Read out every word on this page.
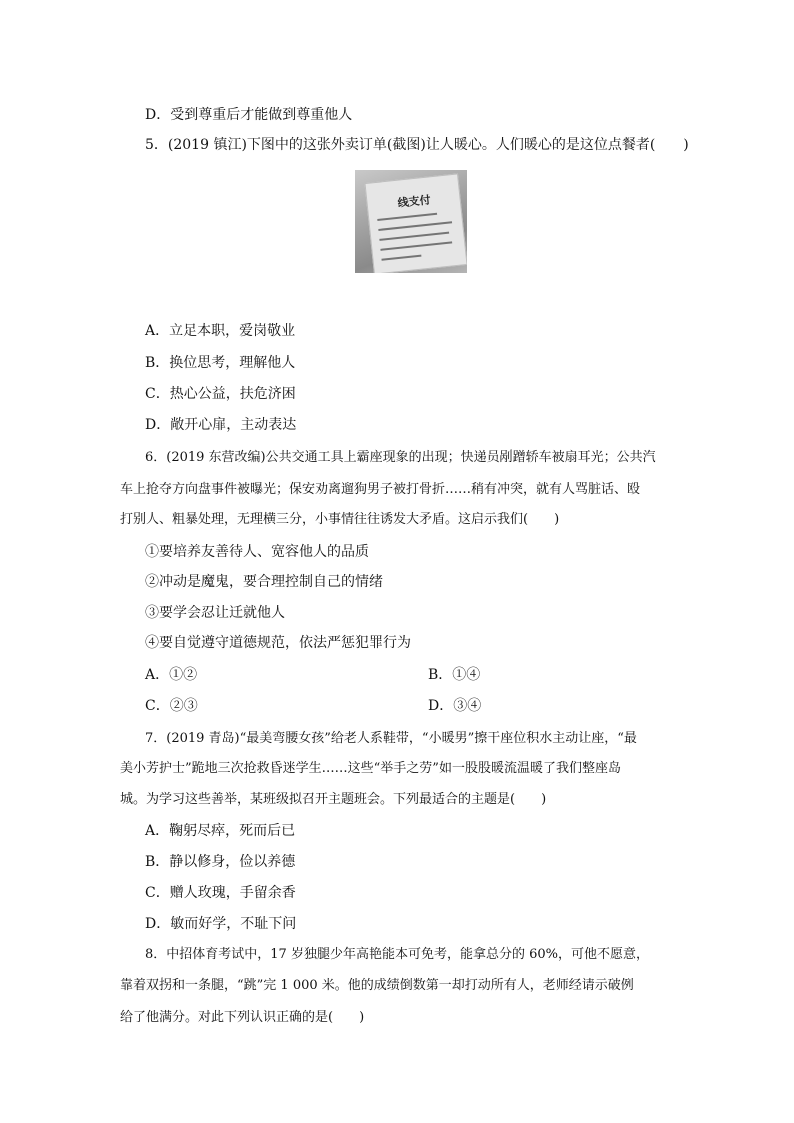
D．受到尊重后才能做到尊重他人
5．(2019 镇江)下图中的这张外卖订单(截图)让人暖心。人们暖心的是这位点餐者(　　)
线支付
A．立足本职，爱岗敬业
B．换位思考，理解他人
C．热心公益，扶危济困
D．敞开心扉，主动表达
6．(2019 东营改编)公共交通工具上霸座现象的出现；快递员剐蹭轿车被扇耳光；公共汽
车上抢夺方向盘事件被曝光；保安劝离遛狗男子被打骨折……稍有冲突，就有人骂脏话、殴
打别人、粗暴处理，无理横三分，小事情往往诱发大矛盾。这启示我们(　　)
①要培养友善待人、宽容他人的品质
②冲动是魔鬼，要合理控制自己的情绪
③要学会忍让迁就他人
④要自觉遵守道德规范，依法严惩犯罪行为
A．①②	B．①④
C．②③	D．③④
7．(2019 青岛)“最美弯腰女孩”给老人系鞋带，“小暖男”擦干座位积水主动让座，“最
美小芳护士”跪地三次抢救昏迷学生……这些“举手之劳”如一股股暖流温暖了我们整座岛
城。为学习这些善举，某班级拟召开主题班会。下列最适合的主题是(　　)
A．鞠躬尽瘁，死而后已
B．静以修身，俭以养德
C．赠人玫瑰，手留余香
D．敏而好学，不耻下问
8．中招体育考试中，17 岁独腿少年高艳能本可免考，能拿总分的 60%，可他不愿意，
靠着双拐和一条腿，“跳”完 1 000 米。他的成绩倒数第一却打动所有人，老师经请示破例
给了他满分。对此下列认识正确的是(　　)
